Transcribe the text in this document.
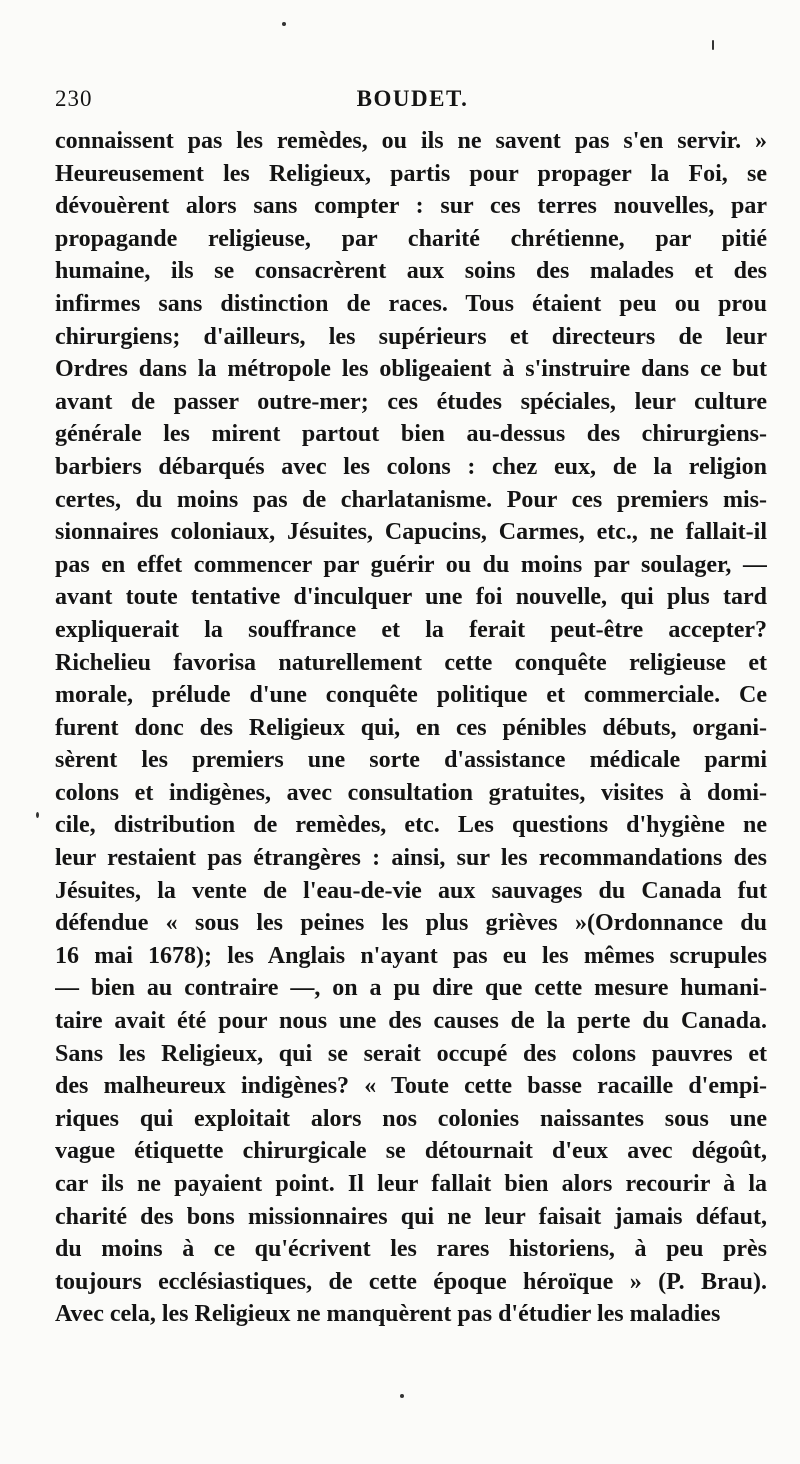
230	BOUDET.
connaissent pas les remèdes, ou ils ne savent pas s'en servir. »
Heureusement les Religieux, partis pour propager la Foi, se
dévouèrent alors sans compter : sur ces terres nouvelles, par
propagande religieuse, par charité chrétienne, par pitié
humaine, ils se consacrèrent aux soins des malades et des
infirmes sans distinction de races. Tous étaient peu ou prou
chirurgiens; d'ailleurs, les supérieurs et directeurs de leur
Ordres dans la métropole les obligeaient à s'instruire dans ce but
avant de passer outre-mer; ces études spéciales, leur culture
générale les mirent partout bien au-dessus des chirurgiens-
barbiers débarqués avec les colons : chez eux, de la religion
certes, du moins pas de charlatanisme. Pour ces premiers mis-
sionnaires coloniaux, Jésuites, Capucins, Carmes, etc., ne fallait-il
pas en effet commencer par guérir ou du moins par soulager, —
avant toute tentative d'inculquer une foi nouvelle, qui plus tard
expliquerait la souffrance et la ferait peut-être accepter?
Richelieu favorisa naturellement cette conquête religieuse et
morale, prélude d'une conquête politique et commerciale. Ce
furent donc des Religieux qui, en ces pénibles débuts, organi-
sèrent les premiers une sorte d'assistance médicale parmi
colons et indigènes, avec consultation gratuites, visites à domi-
cile, distribution de remèdes, etc. Les questions d'hygiène ne
leur restaient pas étrangères : ainsi, sur les recommandations des
Jésuites, la vente de l'eau-de-vie aux sauvages du Canada fut
défendue « sous les peines les plus grièves »(Ordonnance du
16 mai 1678); les Anglais n'ayant pas eu les mêmes scrupules
— bien au contraire —, on a pu dire que cette mesure humani-
taire avait été pour nous une des causes de la perte du Canada.
Sans les Religieux, qui se serait occupé des colons pauvres et
des malheureux indigènes? « Toute cette basse racaille d'empi-
riques qui exploitait alors nos colonies naissantes sous une
vague étiquette chirurgicale se détournait d'eux avec dégoût,
car ils ne payaient point. Il leur fallait bien alors recourir à la
charité des bons missionnaires qui ne leur faisait jamais défaut,
du moins à ce qu'écrivent les rares historiens, à peu près
toujours ecclésiastiques, de cette époque héroïque » (P. Brau).
Avec cela, les Religieux ne manquèrent pas d'étudier les maladies
